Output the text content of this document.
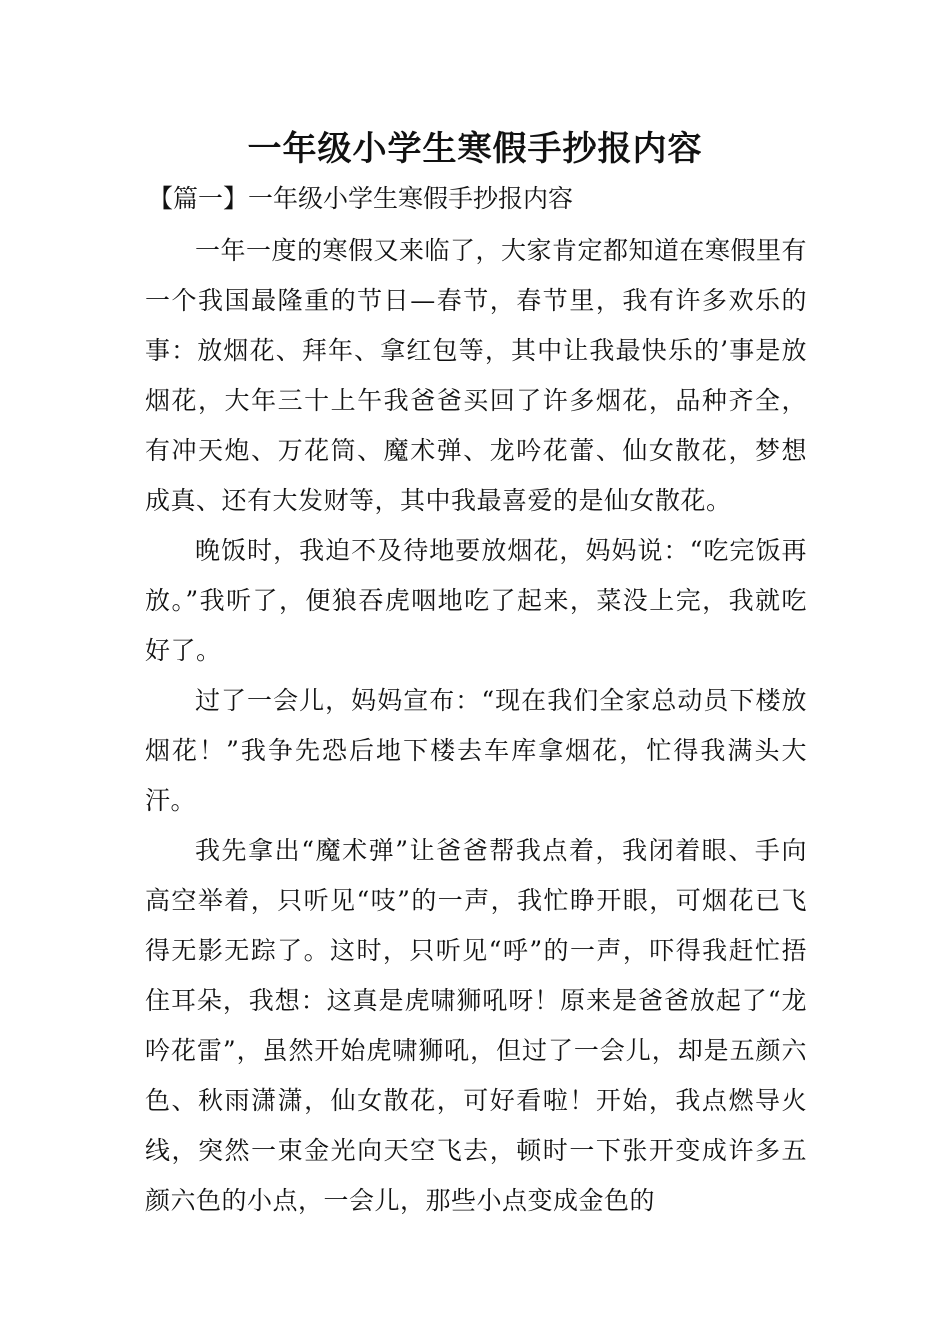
一年级小学生寒假手抄报内容

【篇一】一年级小学生寒假手抄报内容

一年一度的寒假又来临了，大家肯定都知道在寒假里有一个我国最隆重的节日—春节，春节里，我有许多欢乐的事：放烟花、拜年、拿红包等，其中让我最快乐的’事是放烟花，大年三十上午我爸爸买回了许多烟花，品种齐全，有冲天炮、万花筒、魔术弹、龙吟花蕾、仙女散花，梦想成真、还有大发财等，其中我最喜爱的是仙女散花。

晚饭时，我迫不及待地要放烟花，妈妈说：“吃完饭再放。”我听了，便狼吞虎咽地吃了起来，菜没上完，我就吃好了。

过了一会儿，妈妈宣布：“现在我们全家总动员下楼放烟花！”我争先恐后地下楼去车库拿烟花，忙得我满头大汗。

我先拿出“魔术弹”让爸爸帮我点着，我闭着眼、手向高空举着，只听见“吱”的一声，我忙睁开眼，可烟花已飞得无影无踪了。这时，只听见“呼”的一声，吓得我赶忙捂住耳朵，我想：这真是虎啸狮吼呀！原来是爸爸放起了“龙吟花雷”，虽然开始虎啸狮吼，但过了一会儿，却是五颜六色、秋雨潇潇，仙女散花，可好看啦！开始，我点燃导火线，突然一束金光向天空飞去，顿时一下张开变成许多五颜六色的小点，一会儿，那些小点变成金色的
